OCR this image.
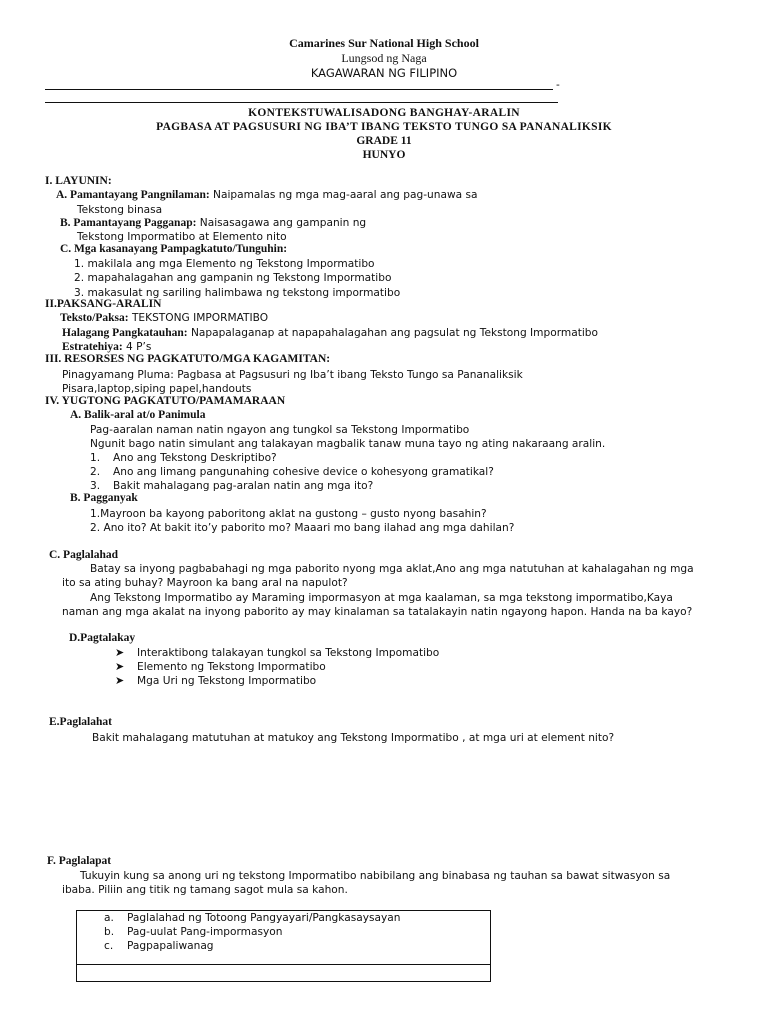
Camarines Sur National High School
Lungsod ng Naga
KAGAWARAN NG FILIPINO
-
KONTEKSTUWALISADONG BANGHAY-ARALIN
PAGBASA AT PAGSUSURI NG IBA’T IBANG TEKSTO TUNGO SA PANANALIKSIK
GRADE 11
HUNYO
I. LAYUNIN:
A. Pamantayang Pangnilaman: Naipamalas ng mga mag-aaral ang pag-unawa sa
Tekstong binasa
B. Pamantayang Pagganap: Naisasagawa ang gampanin ng
Tekstong Impormatibo at Elemento nito
C. Mga kasanayang Pampagkatuto/Tunguhin:
1. makilala ang mga Elemento ng Tekstong Impormatibo
2. mapahalagahan ang gampanin ng Tekstong Impormatibo
3. makasulat ng sariling halimbawa ng tekstong impormatibo
II.PAKSANG-ARALIN
Teksto/Paksa: TEKSTONG IMPORMATIBO
Halagang Pangkatauhan: Napapalaganap at napapahalagahan ang pagsulat ng Tekstong Impormatibo
Estratehiya: 4 P’s
III. RESORSES NG PAGKATUTO/MGA KAGAMITAN:
Pinagyamang Pluma: Pagbasa at Pagsusuri ng Iba’t ibang Teksto Tungo sa Pananaliksik
Pisara,laptop,siping papel,handouts
IV. YUGTONG PAGKATUTO/PAMAMARAAN
A. Balik-aral at/o Panimula
Pag-aaralan naman natin ngayon ang tungkol sa Tekstong Impormatibo
Ngunit bago natin simulant ang talakayan magbalik tanaw muna tayo ng ating nakaraang aralin.
1. Ano ang Tekstong Deskriptibo?
2. Ano ang limang pangunahing cohesive device o kohesyong gramatikal?
3. Bakit mahalagang pag-aralan natin ang mga ito?
B. Pagganyak
1.Mayroon ba kayong paboritong aklat na gustong – gusto nyong basahin?
2. Ano ito? At bakit ito’y paborito mo? Maaari mo bang ilahad ang mga dahilan?
C. Paglalahad
Batay sa inyong pagbabahagi ng mga paborito nyong mga aklat,Ano ang mga natutuhan at kahalagahan ng mga
ito sa ating buhay? Mayroon ka bang aral na napulot?
Ang Tekstong Impormatibo ay Maraming impormasyon at mga kaalaman, sa mga tekstong impormatibo,Kaya
naman ang mga akalat na inyong paborito ay may kinalaman sa tatalakayin natin ngayong hapon. Handa na ba kayo?
D.Pagtalakay
➤ Interaktibong talakayan tungkol sa Tekstong Impomatibo
➤ Elemento ng Tekstong Impormatibo
➤ Mga Uri ng Tekstong Impormatibo
E.Paglalahat
Bakit mahalagang matutuhan at matukoy ang Tekstong Impormatibo , at mga uri at element nito?
F. Paglalapat
Tukuyin kung sa anong uri ng tekstong Impormatibo nabibilang ang binabasa ng tauhan sa bawat sitwasyon sa
ibaba. Piliin ang titik ng tamang sagot mula sa kahon.
a. Paglalahad ng Totoong Pangyayari/Pangkasaysayan
b. Pag-uulat Pang-impormasyon
c. Pagpapaliwanag
